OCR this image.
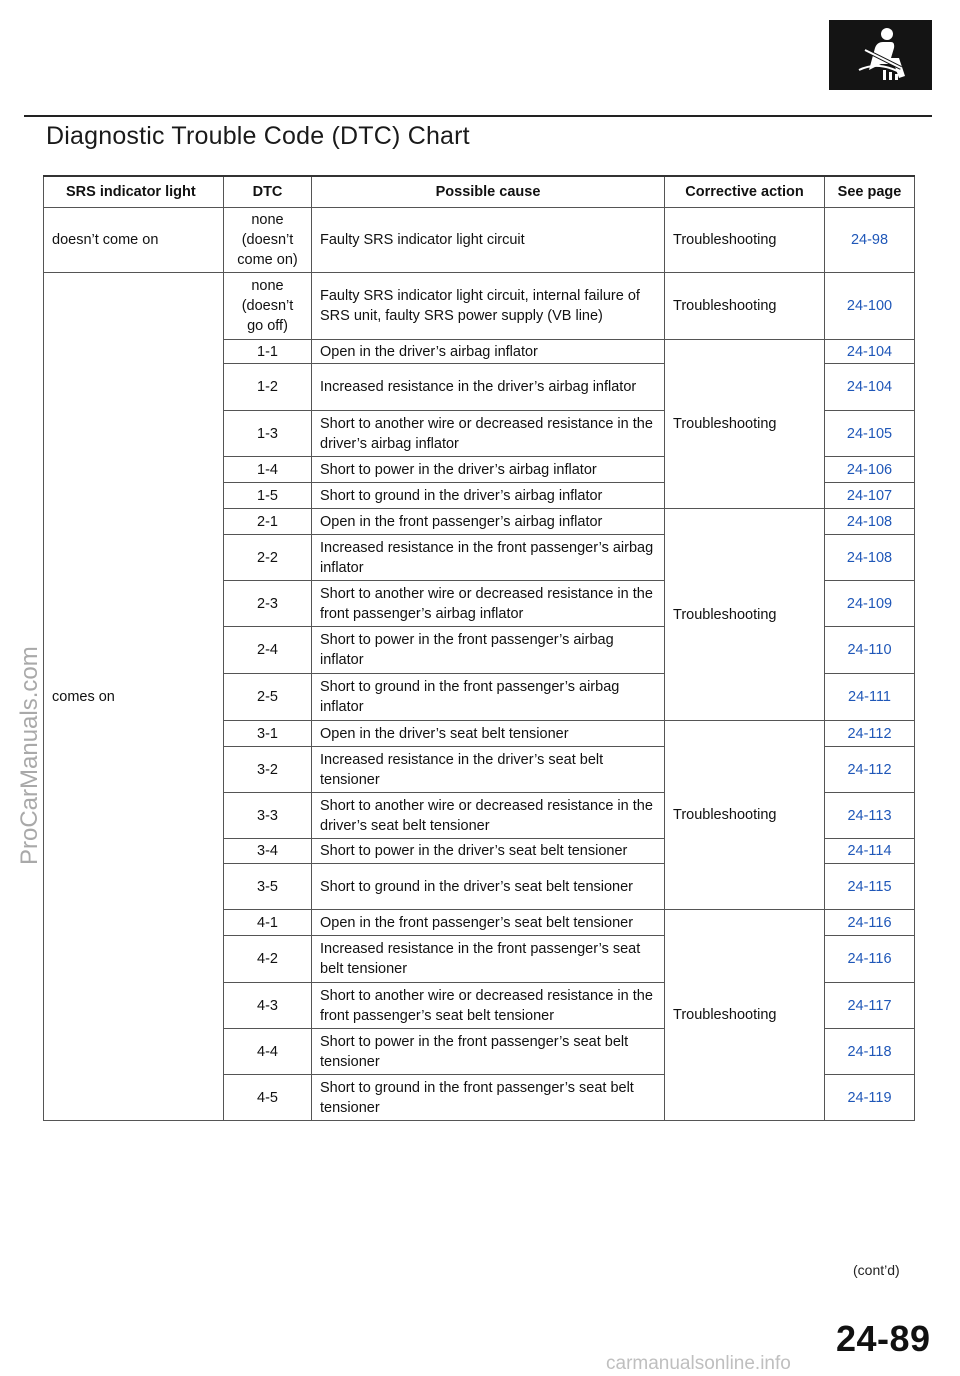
Diagnostic Trouble Code (DTC) Chart
SRS indicator light	DTC	Possible cause	Corrective action	See page
doesn’t come on	none
(doesn’t
come on)	Faulty SRS indicator light circuit	Troubleshooting	24-98
comes on	none
(doesn’t
go off)	Faulty SRS indicator light circuit, internal failure of SRS unit, faulty SRS power supply (VB line)	Troubleshooting	24-100
	1-1	Open in the driver’s airbag inflator	Troubleshooting	24-104
	1-2	Increased resistance in the driver’s airbag inflator		24-104
	1-3	Short to another wire or decreased resistance in the driver’s airbag inflator		24-105
	1-4	Short to power in the driver’s airbag inflator		24-106
	1-5	Short to ground in the driver’s airbag inflator		24-107
	2-1	Open in the front passenger’s airbag inflator	Troubleshooting	24-108
	2-2	Increased resistance in the front passenger’s airbag inflator		24-108
	2-3	Short to another wire or decreased resistance in the front passenger’s airbag inflator		24-109
	2-4	Short to power in the front passenger’s airbag inflator		24-110
	2-5	Short to ground in the front passenger’s airbag inflator		24-111
	3-1	Open in the driver’s seat belt tensioner	Troubleshooting	24-112
	3-2	Increased resistance in the driver’s seat belt tensioner		24-112
	3-3	Short to another wire or decreased resistance in the driver’s seat belt tensioner		24-113
	3-4	Short to power in the driver’s seat belt tensioner		24-114
	3-5	Short to ground in the driver’s seat belt tensioner		24-115
	4-1	Open in the front passenger’s seat belt tensioner	Troubleshooting	24-116
	4-2	Increased resistance in the front passenger’s seat belt tensioner		24-116
	4-3	Short to another wire or decreased resistance in the front passenger’s seat belt tensioner		24-117
	4-4	Short to power in the front passenger’s seat belt tensioner		24-118
	4-5	Short to ground in the front passenger’s seat belt tensioner		24-119
(cont’d)
24-89
ProCarManuals.com
carmanualsonline.info
